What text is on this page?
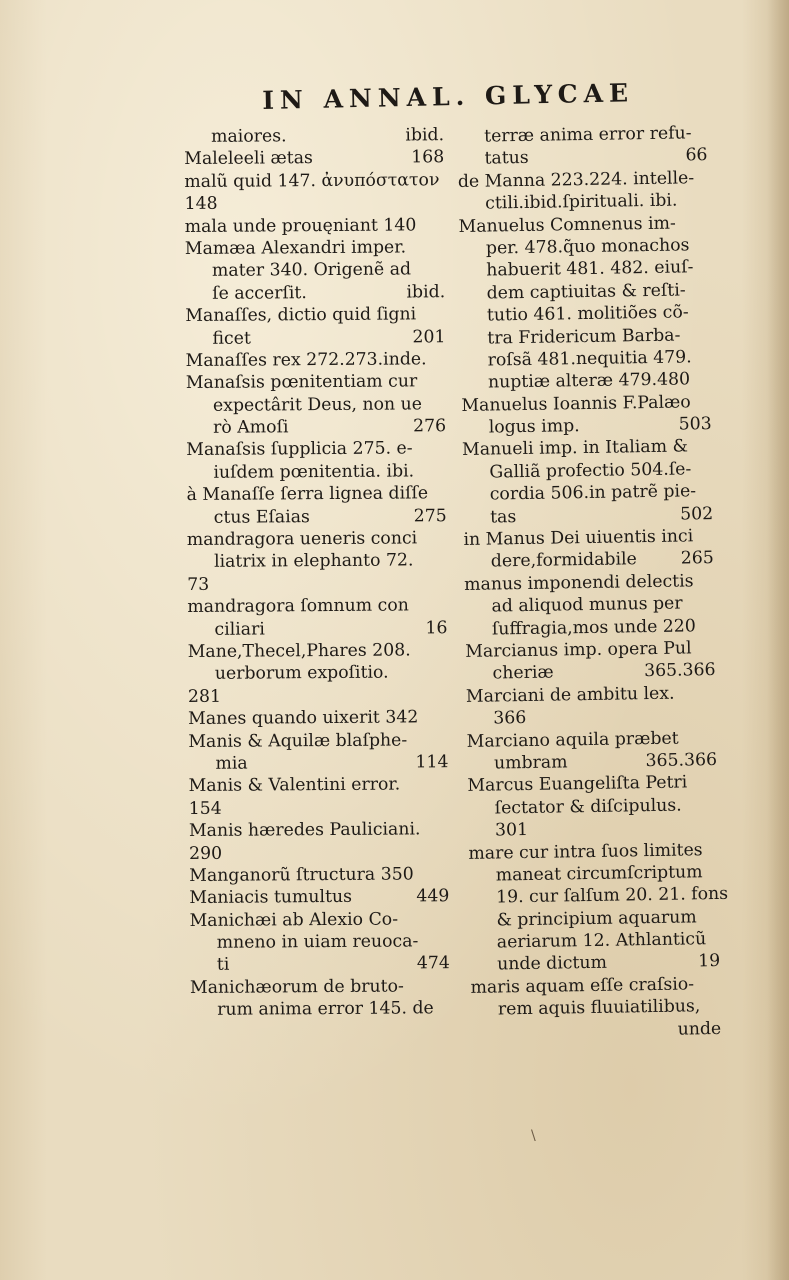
IN ANNAL. GLYCAE
maiores.	ibid.
Maleleeli ætas	168
malũ quid 147. ἀνυπόστατον
148
mala unde prouęniant 140
Mamæa Alexandri imper.
mater 340. Origenẽ ad
ſe accerſit.	ibid.
Manaſſes, dictio quid ſigni
ficet	201
Manaſſes rex 272.273.inde.
Manaſsis pœnitentiam cur
expectârit Deus, non ue
rò Amoſi	276
Manaſsis ſupplicia 275. e-
iuſdem pœnitentia. ibi.
à Manaſſe ſerra lignea diſſe
ctus Eſaias	275
mandragora ueneris conci
liatrix in elephanto 72.
73
mandragora ſomnum con
ciliari	16
Mane,Thecel,Phares 208.
uerborum expoſitio.
281
Manes quando uixerit 342
Manis & Aquilæ blaſphe-
mia	114
Manis & Valentini error.
154
Manis hæredes Pauliciani.
290
Manganorũ ſtructura 350
Maniacis tumultus	449
Manichæi ab Alexio Co-
mneno in uiam reuoca-
ti	474
Manichæorum de bruto-
rum anima error 145. de
terræ anima error refu-
tatus	66
de Manna 223.224. intelle-
ctili.ibid.ſpirituali. ibi.
Manuelus Comnenus im-
per. 478.q̃uo monachos
habuerit 481. 482. eiuſ-
dem captiuitas & reſti-
tutio 461. molitiões cõ-
tra Fridericum Barba-
roſsã 481.nequitia 479.
nuptiæ alteræ 479.480
Manuelus Ioannis F.Palæo
logus imp.	503
Manueli imp. in Italiam &
Galliã profectio 504.ſe-
cordia 506.in patrẽ pie-
tas	502
in Manus Dei uiuentis inci
dere,formidabile	265
manus imponendi delectis
ad aliquod munus per
ſuffragia,mos unde 220
Marcianus imp. opera Pul
cheriæ	365.366
Marciani de ambitu lex.
366
Marciano aquila præbet
umbram	365.366
Marcus Euangeliſta Petri
ſectator & diſcipulus.
301
mare cur intra ſuos limites
maneat circumſcriptum
19. cur ſalſum 20. 21. fons
& principium aquarum
aeriarum 12. Athlanticũ
unde dictum	19
maris aquam eſſe craſsio-
rem aquis fluuiatilibus,
unde
\
